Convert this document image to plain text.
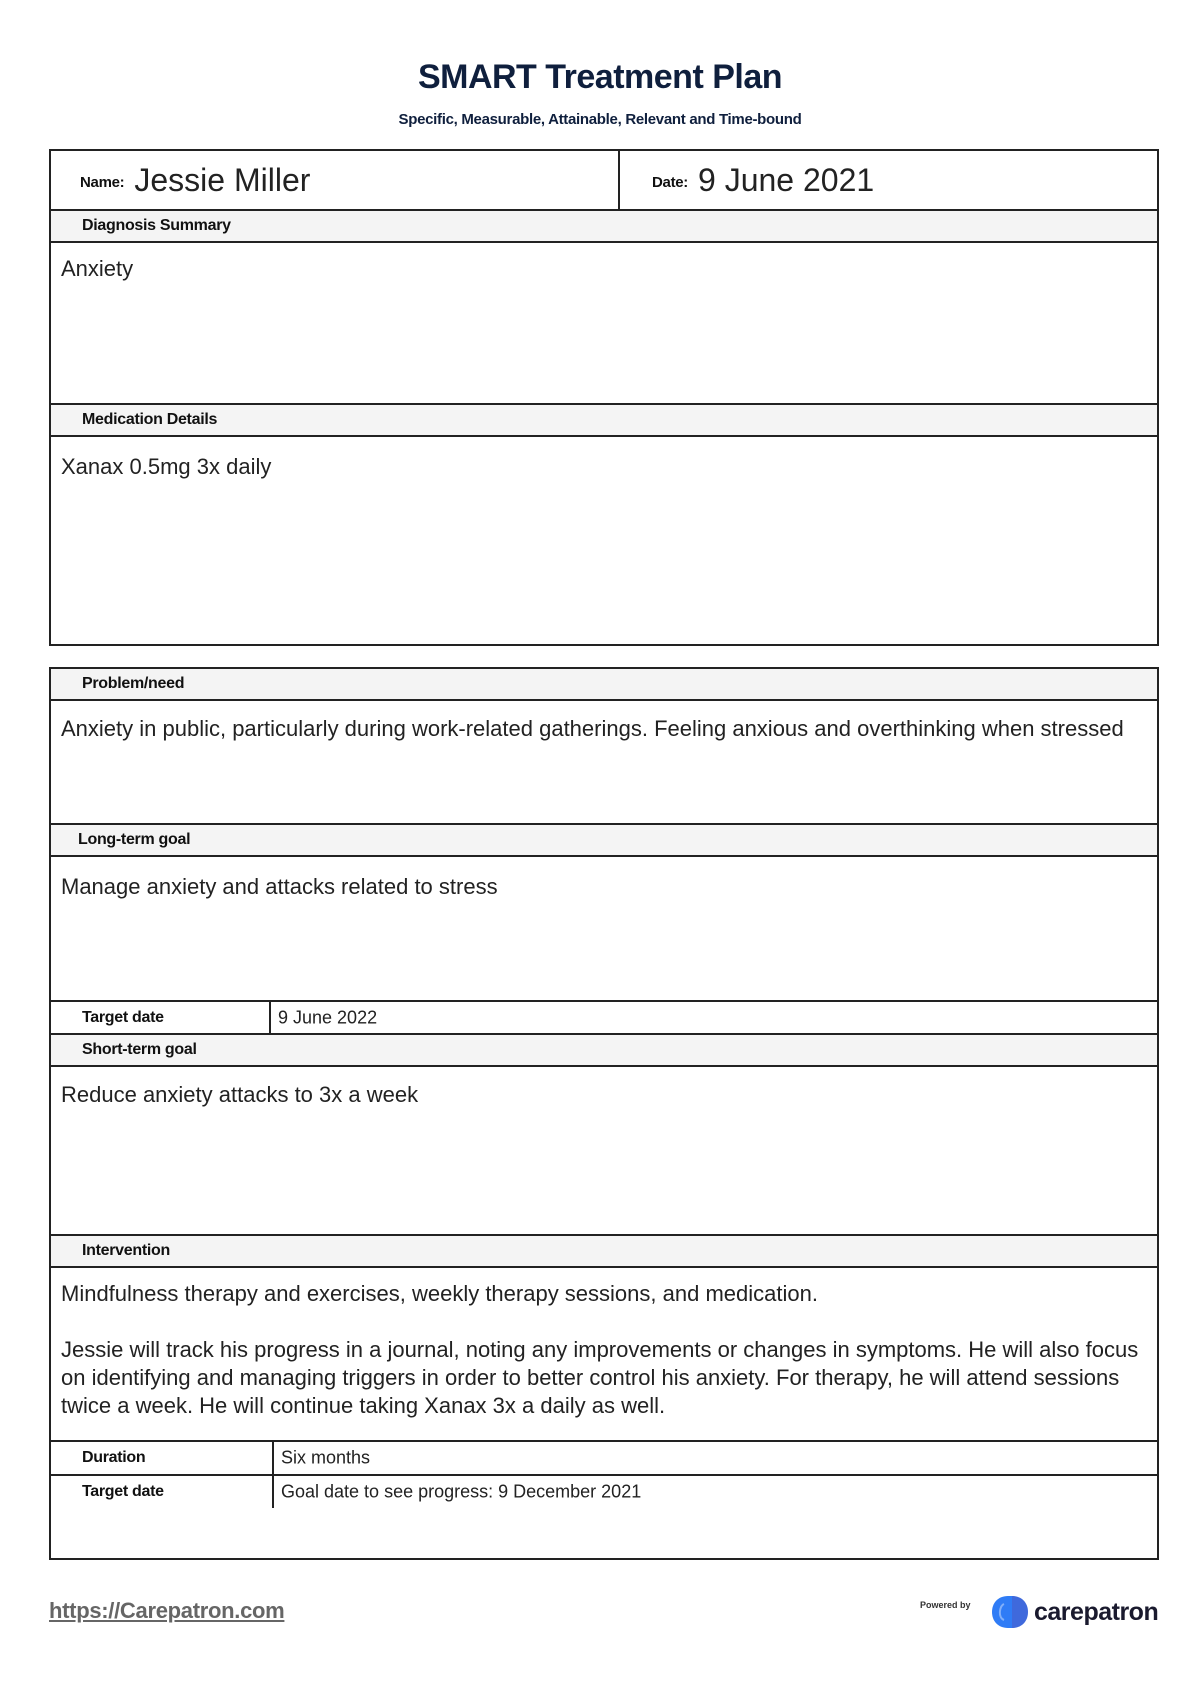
SMART Treatment Plan
Specific, Measurable, Attainable, Relevant and Time-bound
Name: Jessie Miller	Date: 9 June 2021
Diagnosis Summary
Anxiety
Medication Details
Xanax 0.5mg 3x daily
Problem/need
Anxiety in public, particularly during work-related gatherings. Feeling anxious and overthinking when stressed
Long-term goal
Manage anxiety and attacks related to stress
Target date	9 June 2022
Short-term goal
Reduce anxiety attacks to 3x a week
Intervention

Mindfulness therapy and exercises, weekly therapy sessions, and medication.

Jessie will track his progress in a journal, noting any improvements or changes in symptoms. He will also focus on identifying and managing triggers in order to better control his anxiety. For therapy, he will attend sessions twice a week. He will continue taking Xanax 3x a daily as well.

Duration	Six months
Target date	Goal date to see progress: 9 December 2021
https://Carepatron.com	Powered by	carepatron
